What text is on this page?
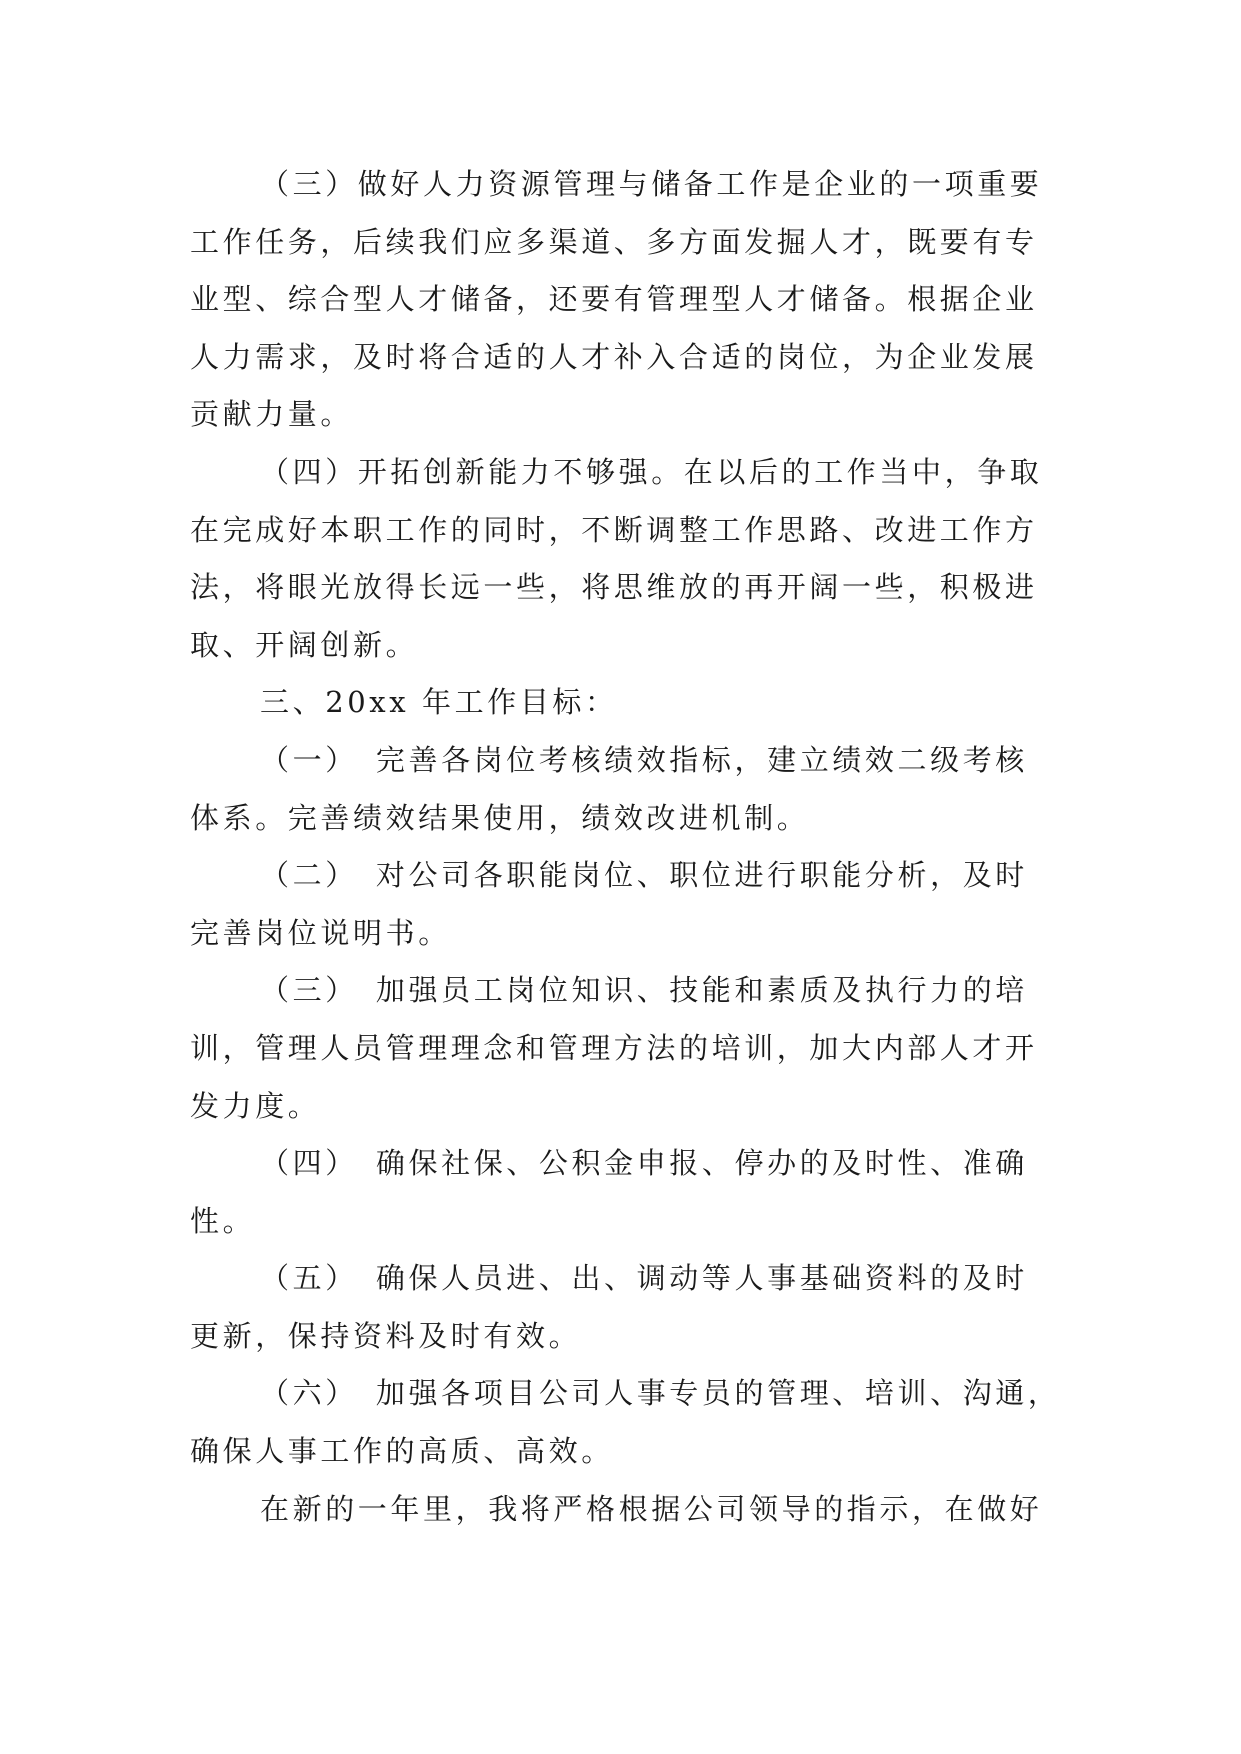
（三）做好人力资源管理与储备工作是企业的一项重要
工作任务，后续我们应多渠道、多方面发掘人才，既要有专
业型、综合型人才储备，还要有管理型人才储备。根据企业
人力需求，及时将合适的人才补入合适的岗位，为企业发展
贡献力量。

（四）开拓创新能力不够强。在以后的工作当中，争取
在完成好本职工作的同时，不断调整工作思路、改进工作方
法，将眼光放得长远一些，将思维放的再开阔一些，积极进
取、开阔创新。

三、20xx 年工作目标：

（一）　完善各岗位考核绩效指标，建立绩效二级考核
体系。完善绩效结果使用，绩效改进机制。

（二）　对公司各职能岗位、职位进行职能分析，及时
完善岗位说明书。

（三）　加强员工岗位知识、技能和素质及执行力的培
训，管理人员管理理念和管理方法的培训，加大内部人才开
发力度。

（四）　确保社保、公积金申报、停办的及时性、准确
性。

（五）　确保人员进、出、调动等人事基础资料的及时
更新，保持资料及时有效。

（六）　加强各项目公司人事专员的管理、培训、沟通，
确保人事工作的高质、高效。

在新的一年里，我将严格根据公司领导的指示，在做好
